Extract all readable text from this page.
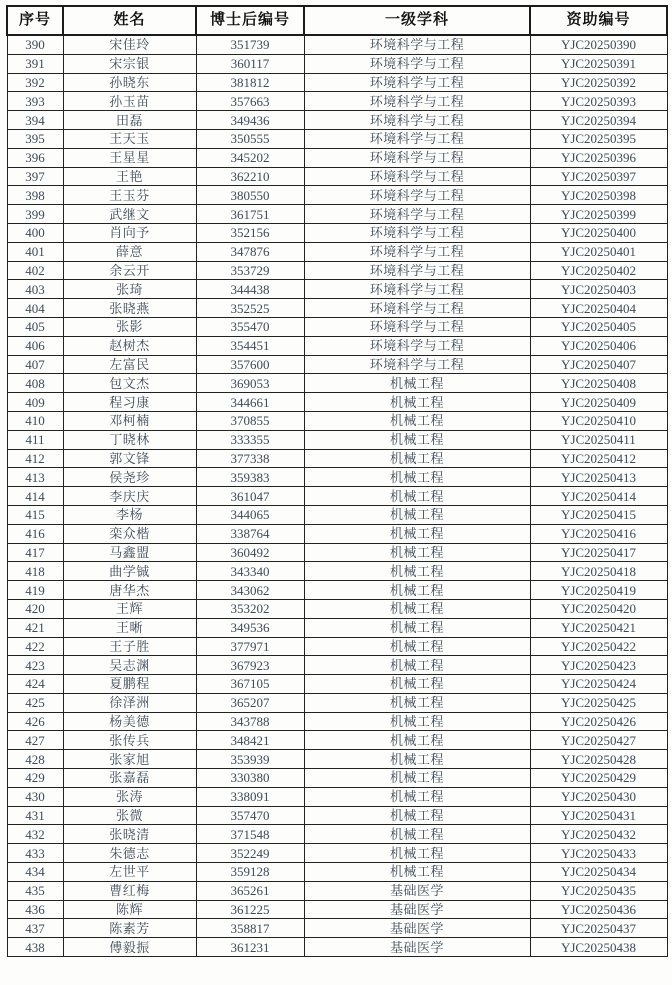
序号	姓名	博士后编号	一级学科	资助编号
390	宋佳玲	351739	环境科学与工程	YJC20250390
391	宋宗银	360117	环境科学与工程	YJC20250391
392	孙晓东	381812	环境科学与工程	YJC20250392
393	孙玉苗	357663	环境科学与工程	YJC20250393
394	田磊	349436	环境科学与工程	YJC20250394
395	王天玉	350555	环境科学与工程	YJC20250395
396	王星星	345202	环境科学与工程	YJC20250396
397	王艳	362210	环境科学与工程	YJC20250397
398	王玉芬	380550	环境科学与工程	YJC20250398
399	武继文	361751	环境科学与工程	YJC20250399
400	肖向予	352156	环境科学与工程	YJC20250400
401	薛意	347876	环境科学与工程	YJC20250401
402	余云开	353729	环境科学与工程	YJC20250402
403	张琦	344438	环境科学与工程	YJC20250403
404	张晓燕	352525	环境科学与工程	YJC20250404
405	张影	355470	环境科学与工程	YJC20250405
406	赵树杰	354451	环境科学与工程	YJC20250406
407	左富民	357600	环境科学与工程	YJC20250407
408	包文杰	369053	机械工程	YJC20250408
409	程习康	344661	机械工程	YJC20250409
410	邓柯楠	370855	机械工程	YJC20250410
411	丁晓林	333355	机械工程	YJC20250411
412	郭文锋	377338	机械工程	YJC20250412
413	侯尧珍	359383	机械工程	YJC20250413
414	李庆庆	361047	机械工程	YJC20250414
415	李杨	344065	机械工程	YJC20250415
416	栾众楷	338764	机械工程	YJC20250416
417	马鑫盟	360492	机械工程	YJC20250417
418	曲学铖	343340	机械工程	YJC20250418
419	唐华杰	343062	机械工程	YJC20250419
420	王辉	353202	机械工程	YJC20250420
421	王晰	349536	机械工程	YJC20250421
422	王子胜	377971	机械工程	YJC20250422
423	吴志渊	367923	机械工程	YJC20250423
424	夏鹏程	367105	机械工程	YJC20250424
425	徐泽洲	365207	机械工程	YJC20250425
426	杨美德	343788	机械工程	YJC20250426
427	张传兵	348421	机械工程	YJC20250427
428	张家旭	353939	机械工程	YJC20250428
429	张嘉磊	330380	机械工程	YJC20250429
430	张涛	338091	机械工程	YJC20250430
431	张微	357470	机械工程	YJC20250431
432	张晓清	371548	机械工程	YJC20250432
433	朱德志	352249	机械工程	YJC20250433
434	左世平	359128	机械工程	YJC20250434
435	曹红梅	365261	基础医学	YJC20250435
436	陈辉	361225	基础医学	YJC20250436
437	陈素芳	358817	基础医学	YJC20250437
438	傅毅振	361231	基础医学	YJC20250438
